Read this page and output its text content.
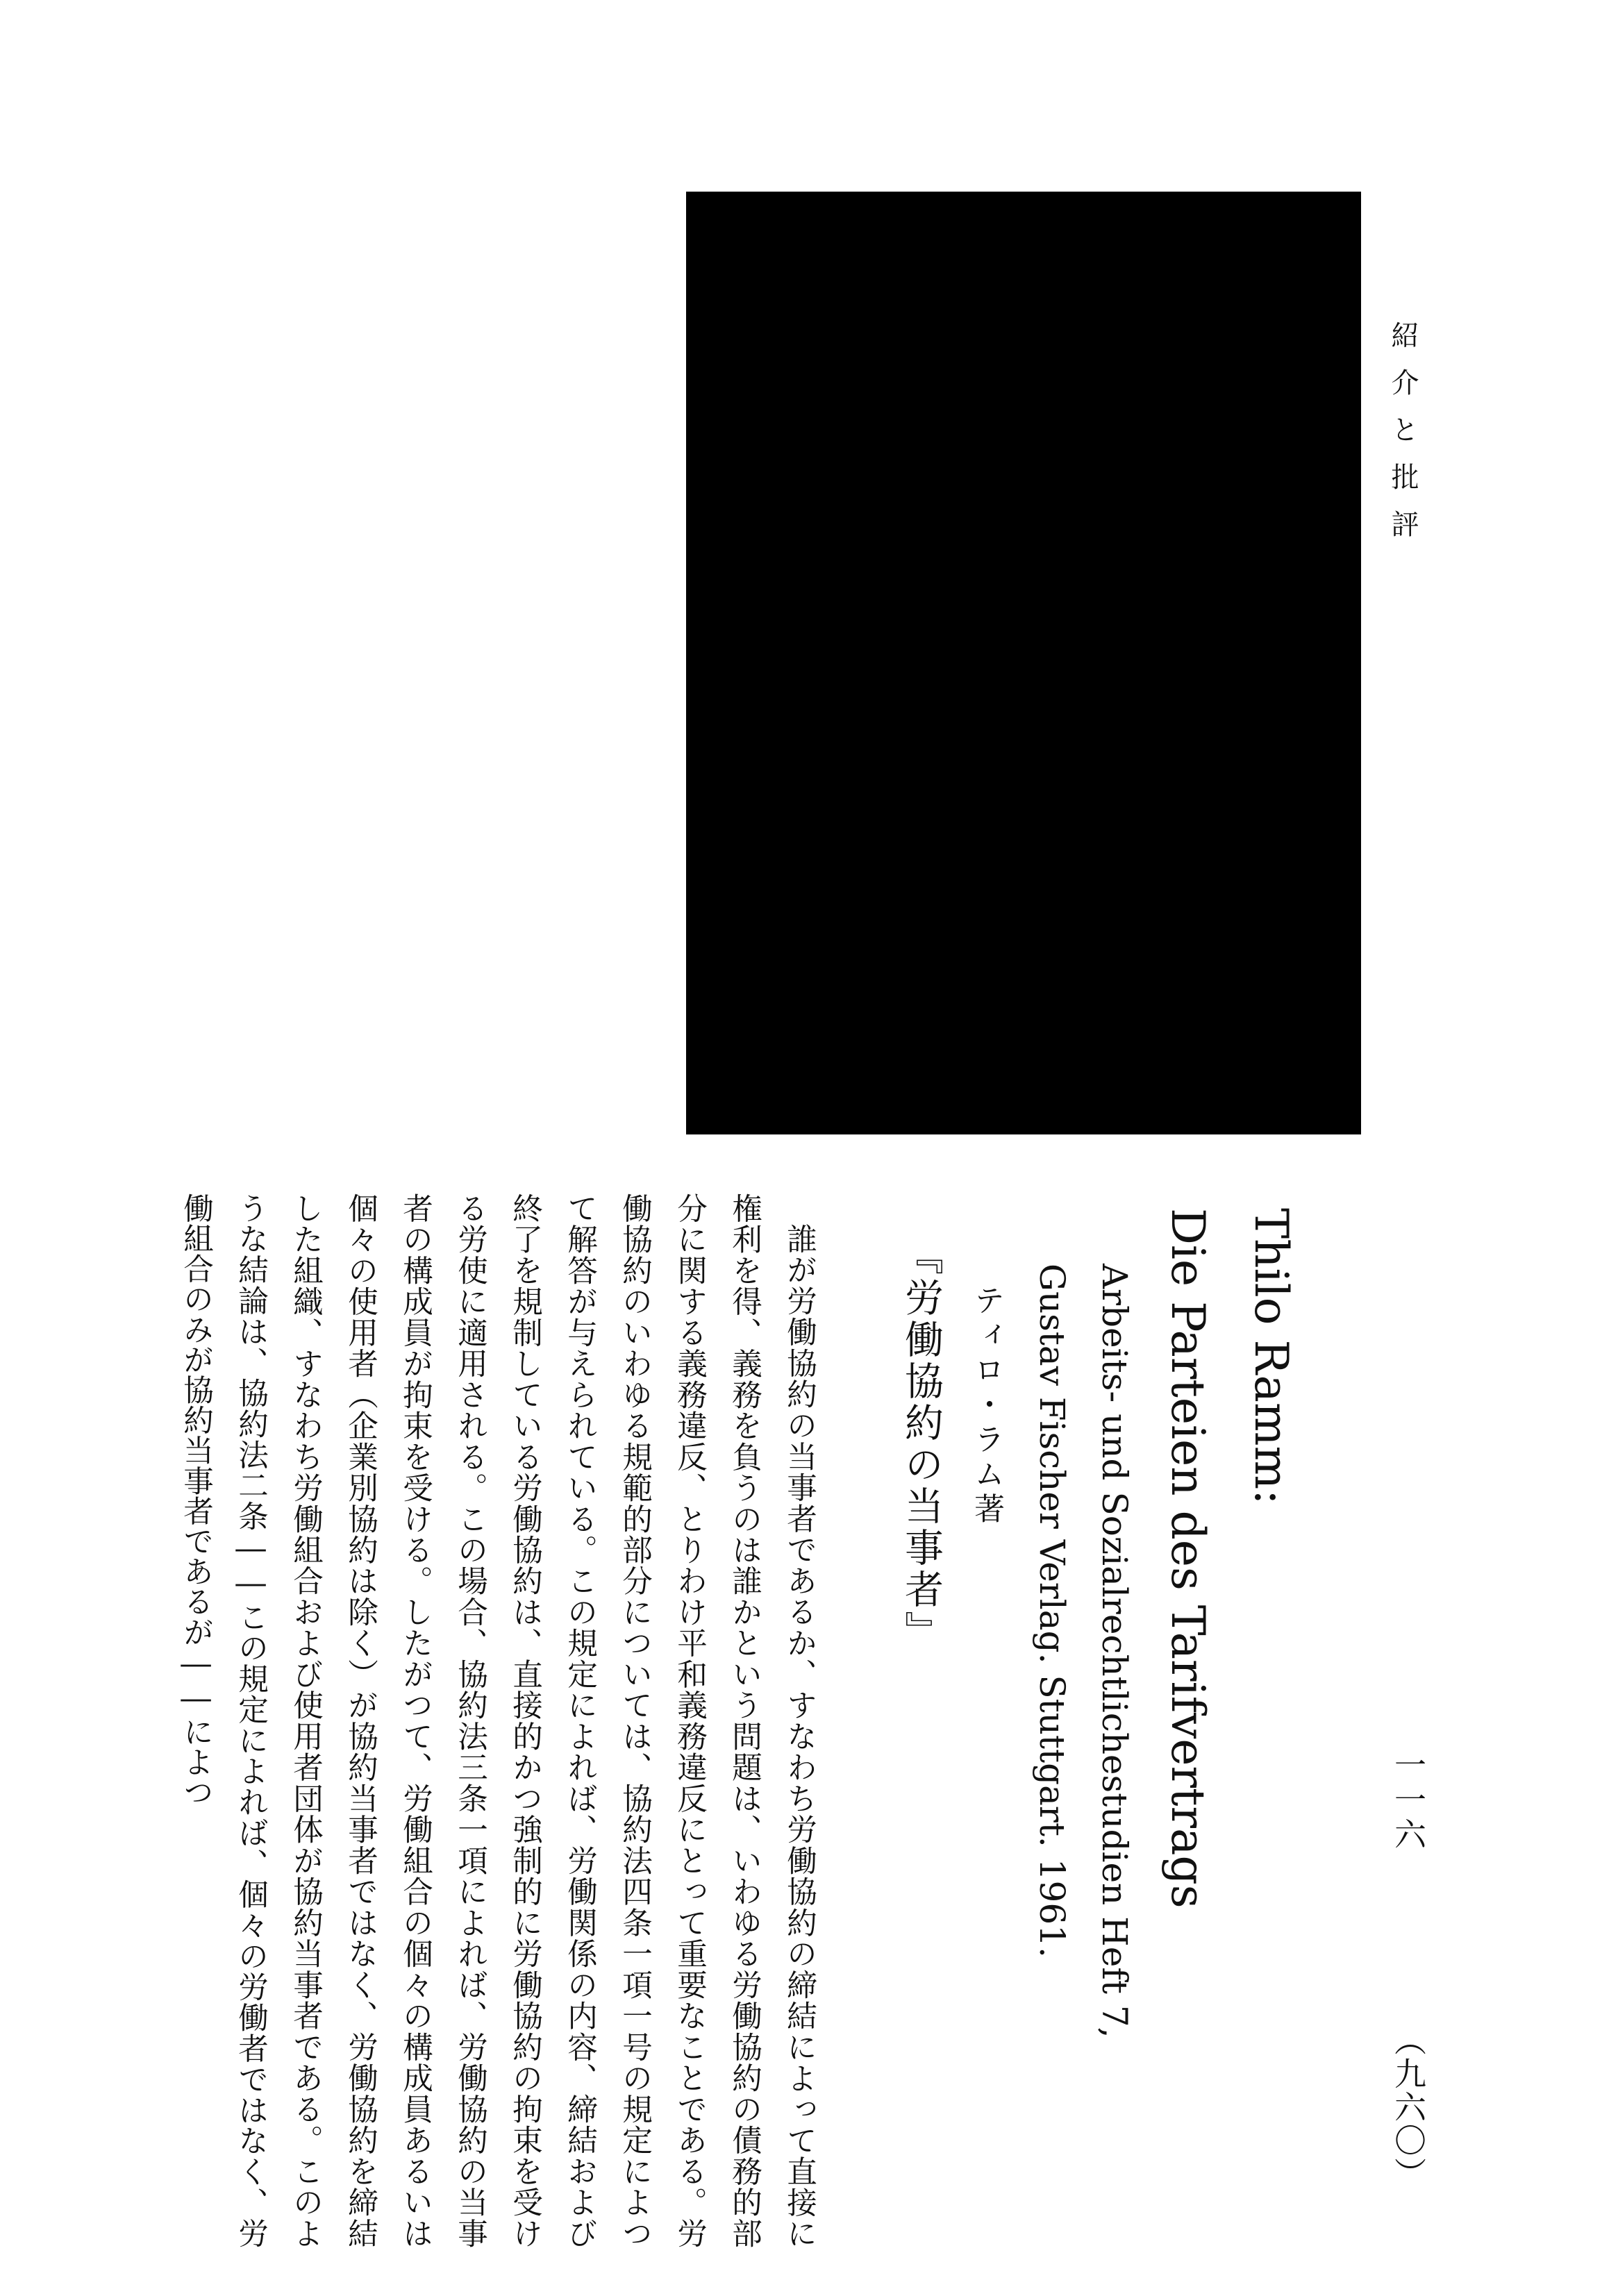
紹介と批評
一一六
（九六〇）
Thilo Ramm:
Die Parteien des Tarifvertrags
Arbeits- und Sozialrechtlichestudien Heft 7,
Gustav Fischer Verlag. Stuttgart. 1961.
ティロ・ラム著
『労働協約の当事者』
誰が労働協約の当事者であるか、すなわち労働協約の締結によって直接に権利を得、義務を負うのは誰かという問題は、いわゆる労働協約の債務的部分に関する義務違反、とりわけ平和義務違反にとって重要なことである。労働協約のいわゆる規範的部分については、協約法四条一項一号の規定によつて解答が与えられている。この規定によれば、労働関係の内容、締結および終了を規制している労働協約は、直接的かつ強制的に労働協約の拘束を受ける労使に適用される。この場合、協約法三条一項によれば、労働協約の当事者の構成員が拘束を受ける。したがつて、労働組合の個々の構成員あるいは個々の使用者（企業別協約は除く）が協約当事者ではなく、労働協約を締結した組織、すなわち労働組合および使用者団体が協約当事者である。このような結論は、協約法二条――この規定によれば、個々の労働者ではなく、労働組合のみが協約当事者であるが――によつ
